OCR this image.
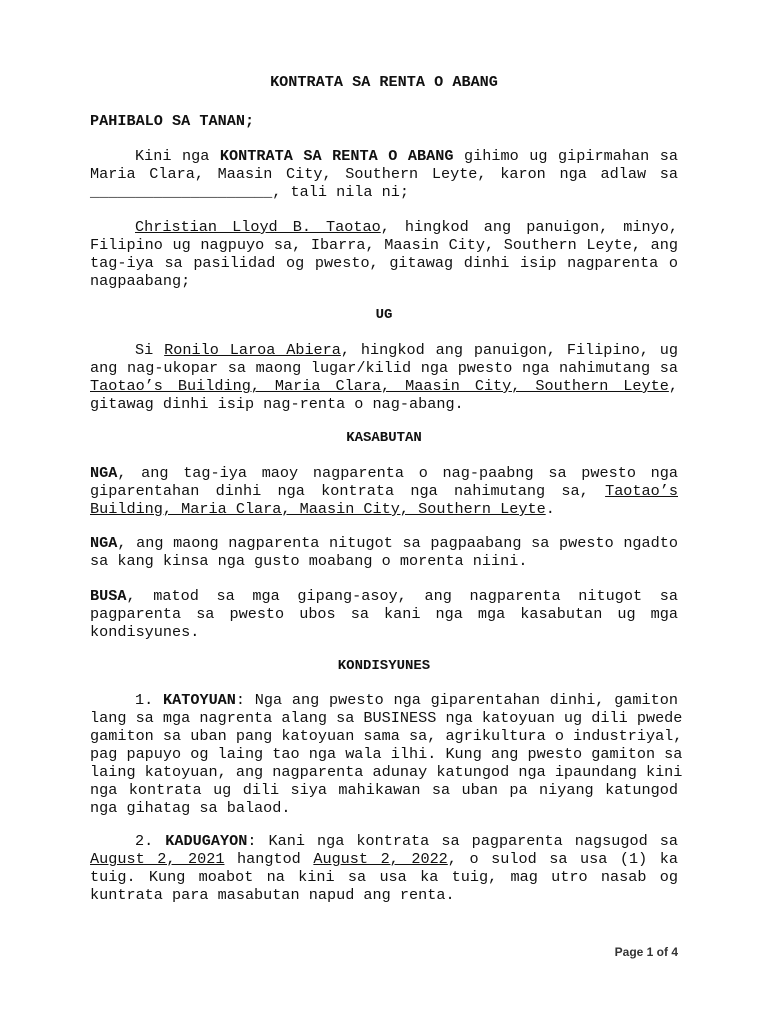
KONTRATA SA RENTA O ABANG
PAHIBALO SA TANAN;
Kini nga KONTRATA SA RENTA O ABANG gihimo ug gipirmahan sa
Maria Clara, Maasin City, Southern Leyte, karon nga adlaw sa
____________________, tali nila ni;
Christian Lloyd B. Taotao, hingkod ang panuigon, minyo,
Filipino ug nagpuyo sa, Ibarra, Maasin City, Southern Leyte, ang
tag-iya sa pasilidad og pwesto, gitawag dinhi isip nagparenta o
nagpaabang;
UG
Si Ronilo Laroa Abiera, hingkod ang panuigon, Filipino, ug
ang nag-ukopar sa maong lugar/kilid nga pwesto nga nahimutang sa
Taotao’s Building, Maria Clara, Maasin City, Southern Leyte,
gitawag dinhi isip nag-renta o nag-abang.
KASABUTAN
NGA, ang tag-iya maoy nagparenta o nag-paabng sa pwesto nga
giparentahan dinhi nga kontrata nga nahimutang sa, Taotao’s
Building, Maria Clara, Maasin City, Southern Leyte.
NGA, ang maong nagparenta nitugot sa pagpaabang sa pwesto ngadto
sa kang kinsa nga gusto moabang o morenta niini.
BUSA, matod sa mga gipang-asoy, ang nagparenta nitugot sa
pagparenta sa pwesto ubos sa kani nga mga kasabutan ug mga
kondisyunes.
KONDISYUNES
1. KATOYUAN: Nga ang pwesto nga giparentahan dinhi, gamiton
lang sa mga nagrenta alang sa BUSINESS nga katoyuan ug dili pwede
gamiton sa uban pang katoyuan sama sa, agrikultura o industriyal,
pag papuyo og laing tao nga wala ilhi. Kung ang pwesto gamiton sa
laing katoyuan, ang nagparenta adunay katungod nga ipaundang kini
nga kontrata ug dili siya mahikawan sa uban pa niyang katungod
nga gihatag sa balaod.
2. KADUGAYON: Kani nga kontrata sa pagparenta nagsugod sa
August 2, 2021 hangtod August 2, 2022, o sulod sa usa (1) ka
tuig. Kung moabot na kini sa usa ka tuig, mag utro nasab og
kuntrata para masabutan napud ang renta.
Page 1 of 4
